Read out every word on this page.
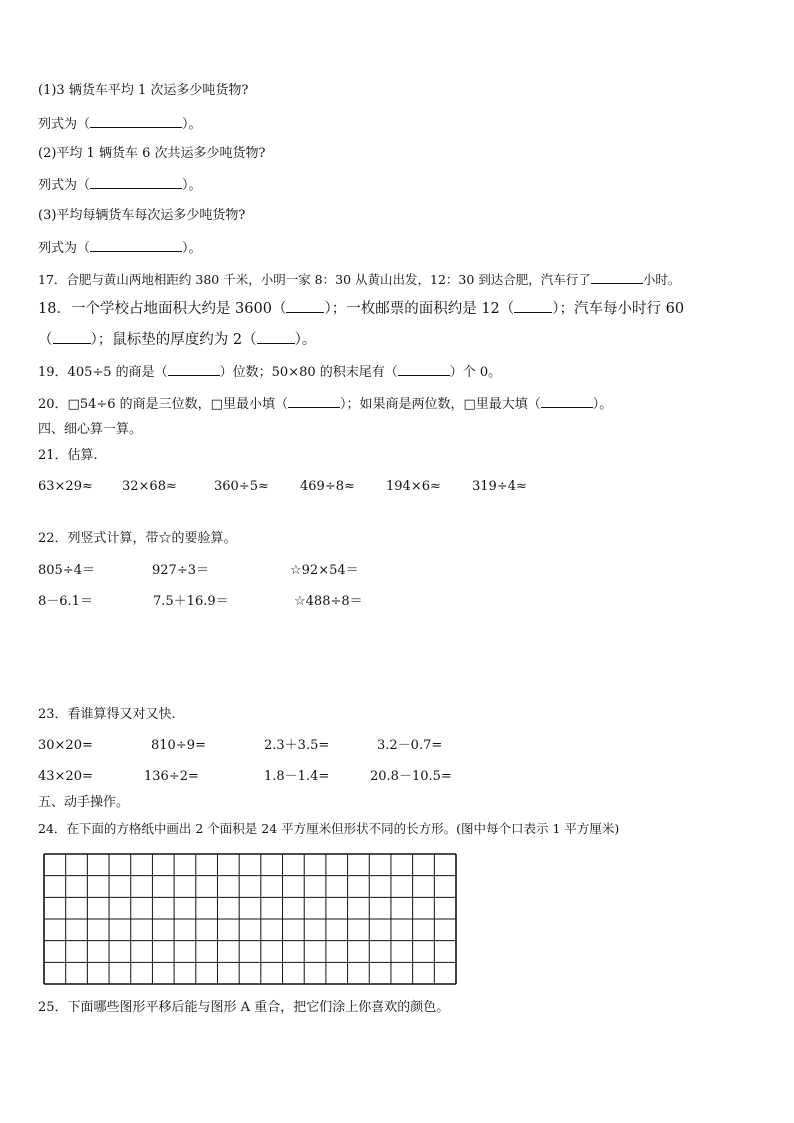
(1)3 辆货车平均 1 次运多少吨货物?
列式为（	）。
(2)平均 1 辆货车 6 次共运多少吨货物?
列式为（	）。
(3)平均每辆货车每次运多少吨货物?
列式为（	）。
17．合肥与黄山两地相距约 380 千米，小明一家 8：30 从黄山出发，12：30 到达合肥，汽车行了	小时。
18．一个学校占地面积大约是 3600（	）；一枚邮票的面积约是 12（	）；汽车每小时行 60
（	）；鼠标垫的厚度约为 2（	）。
19．405÷5 的商是（	）位数；50×80 的积末尾有（	）个 0。
20．□54÷6 的商是三位数，□里最小填（	）；如果商是两位数，□里最大填（	）。
四、细心算一算。
21．估算.
63×29≈ 32×68≈	360÷5≈ 469÷8≈ 194×6≈ 319÷4≈
22．列竖式计算，带☆的要验算。
805÷4＝	927÷3＝	☆92×54＝
8－6.1＝	7.5＋16.9＝	☆488÷8＝
23．看谁算得又对又快.
30×20=	810÷9=	2.3＋3.5=	3.2－0.7=
43×20=	136÷2=	1.8－1.4=	20.8－10.5=
五、动手操作。
24．在下面的方格纸中画出 2 个面积是 24 平方厘米但形状不同的长方形。(图中每个口表示 1 平方厘米)
25．下面哪些图形平移后能与图形 A 重合，把它们涂上你喜欢的颜色。
